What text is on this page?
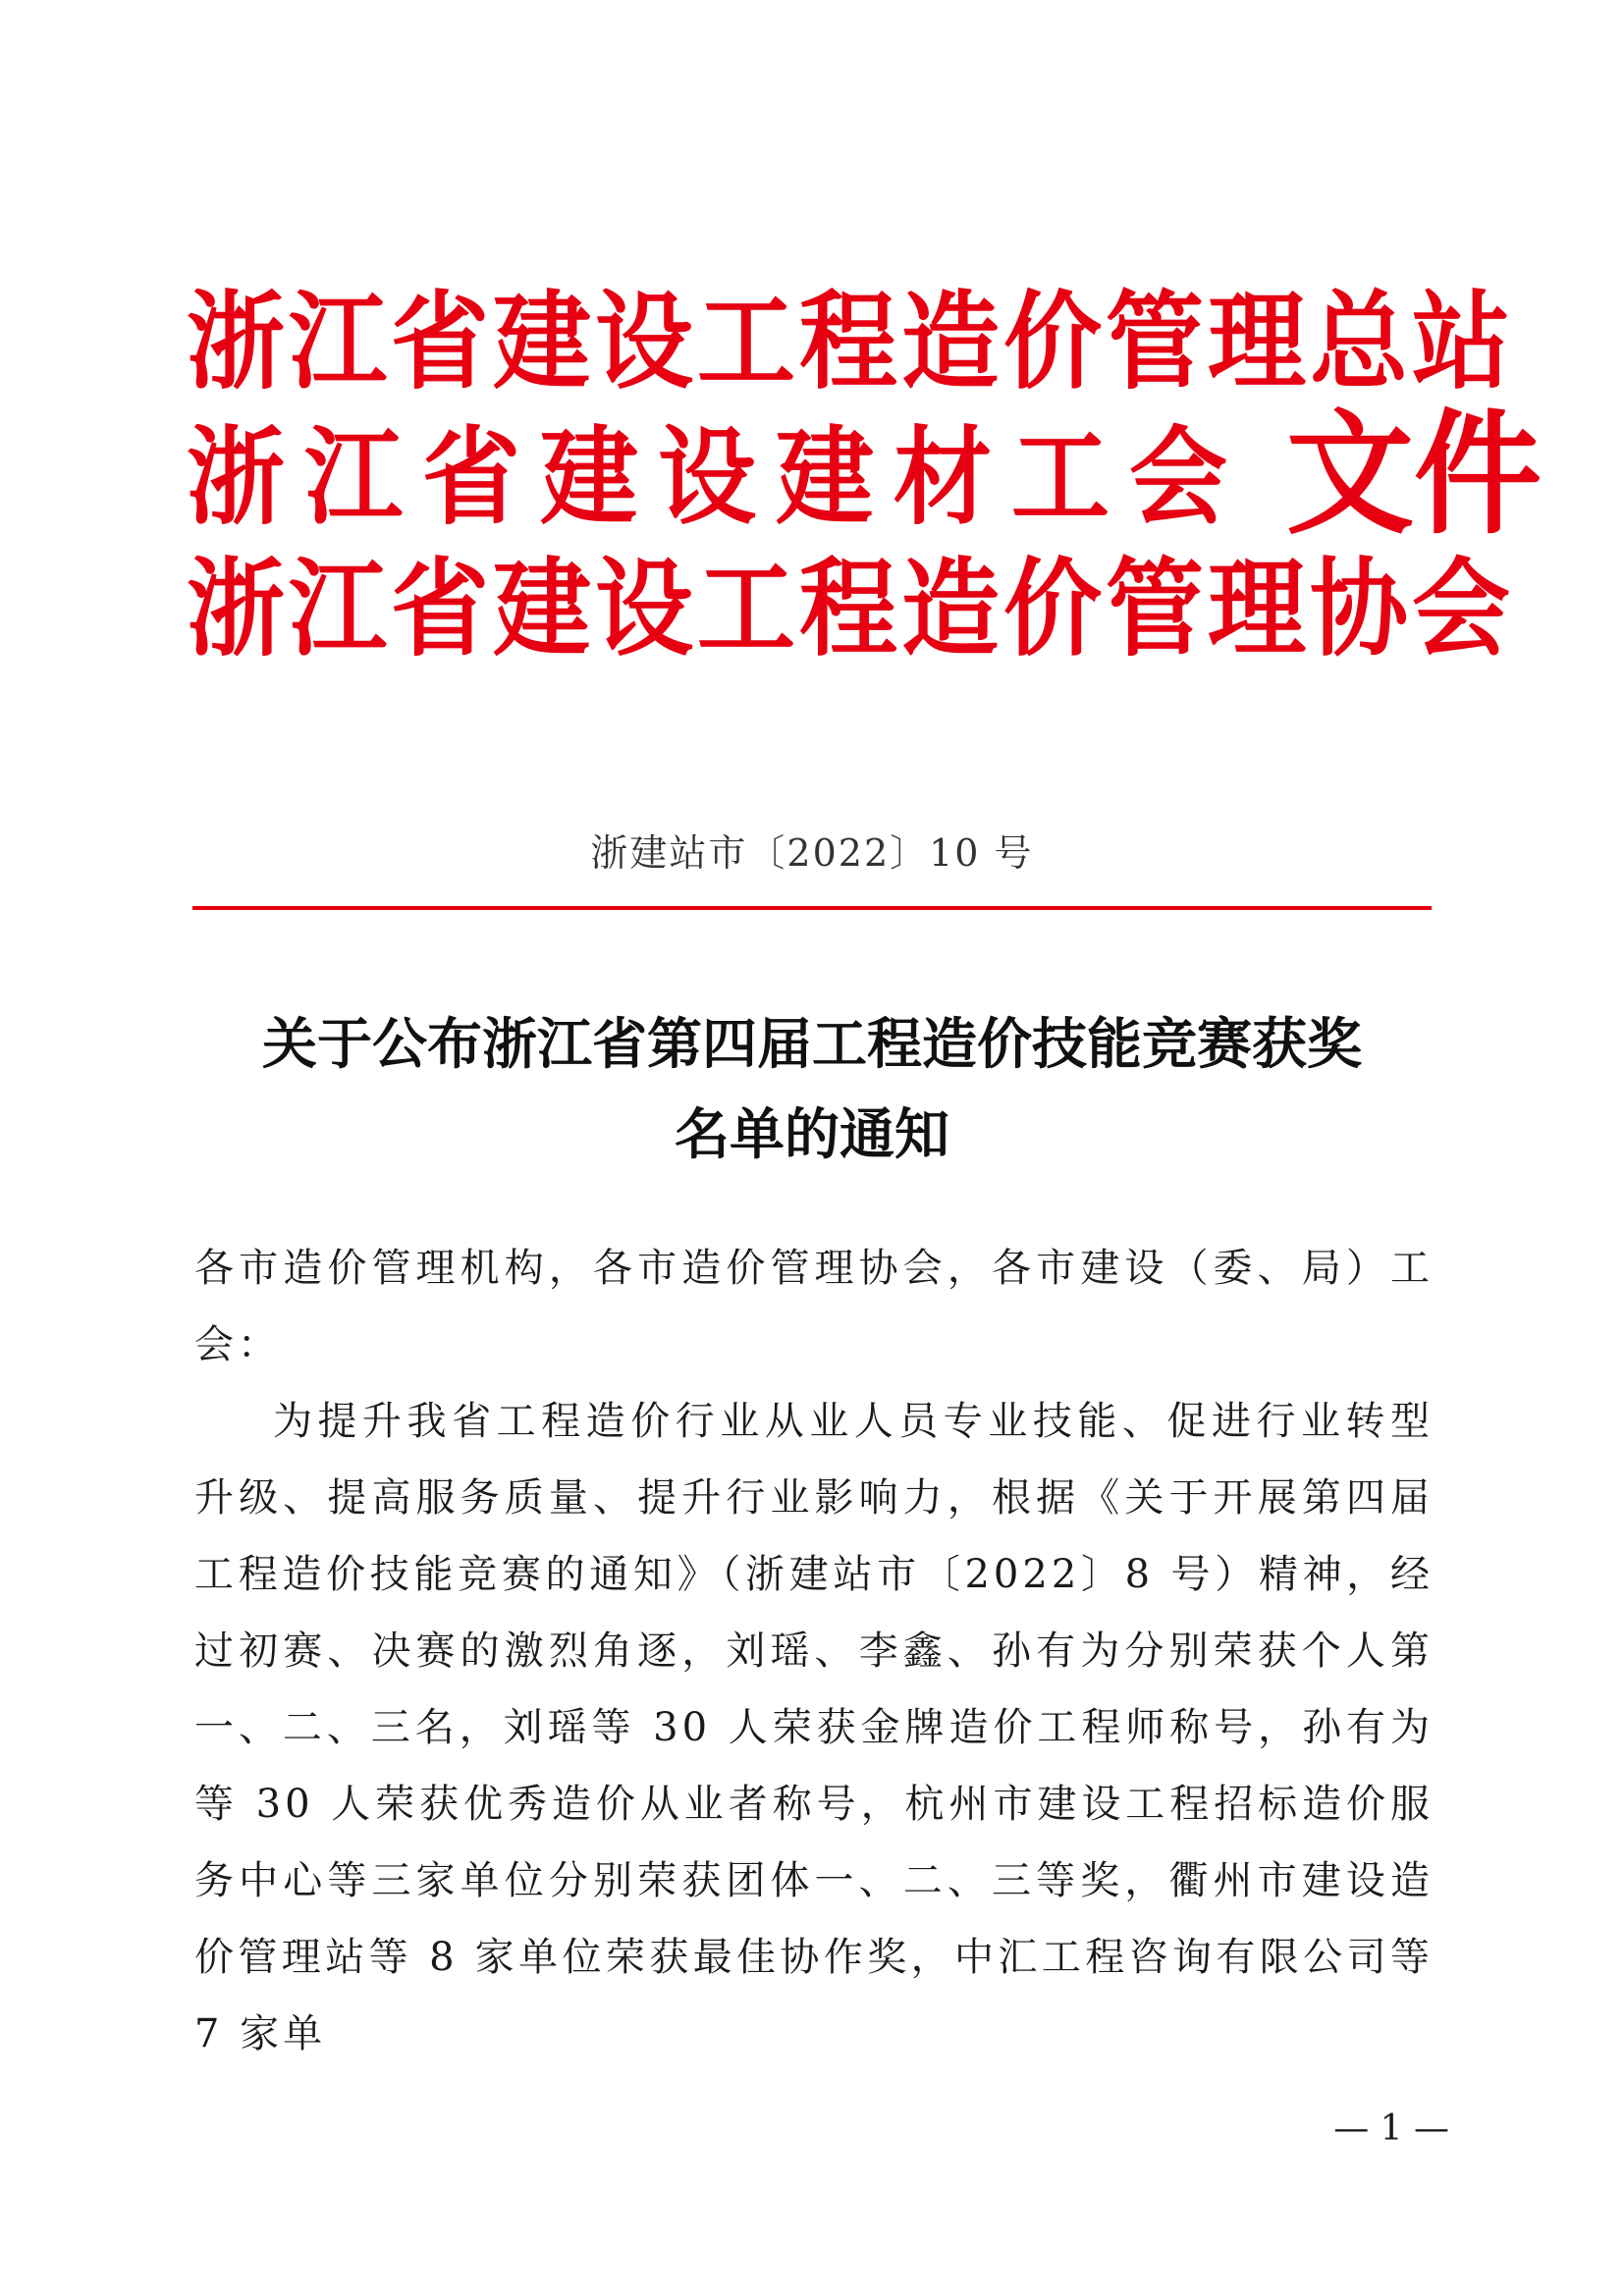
浙江省建设工程造价管理总站
浙 江 省 建 设 建 材 工 会 文件
浙江省建设工程造价管理协会
浙建站市〔2022〕10 号
关于公布浙江省第四届工程造价技能竞赛获奖
名单的通知

各市造价管理机构，各市造价管理协会，各市建设（委、局）工会：

为提升我省工程造价行业从业人员专业技能、促进行业转型升级、提高服务质量、提升行业影响力，根据《关于开展第四届工程造价技能竞赛的通知》（浙建站市〔2022〕8 号）精神，经过初赛、决赛的激烈角逐，刘瑶、李鑫、孙有为分别荣获个人第一、二、三名，刘瑶等 30 人荣获金牌造价工程师称号，孙有为等 30 人荣获优秀造价从业者称号，杭州市建设工程招标造价服务中心等三家单位分别荣获团体一、二、三等奖，衢州市建设造价管理站等 8 家单位荣获最佳协作奖，中汇工程咨询有限公司等 7 家单

— 1 —
